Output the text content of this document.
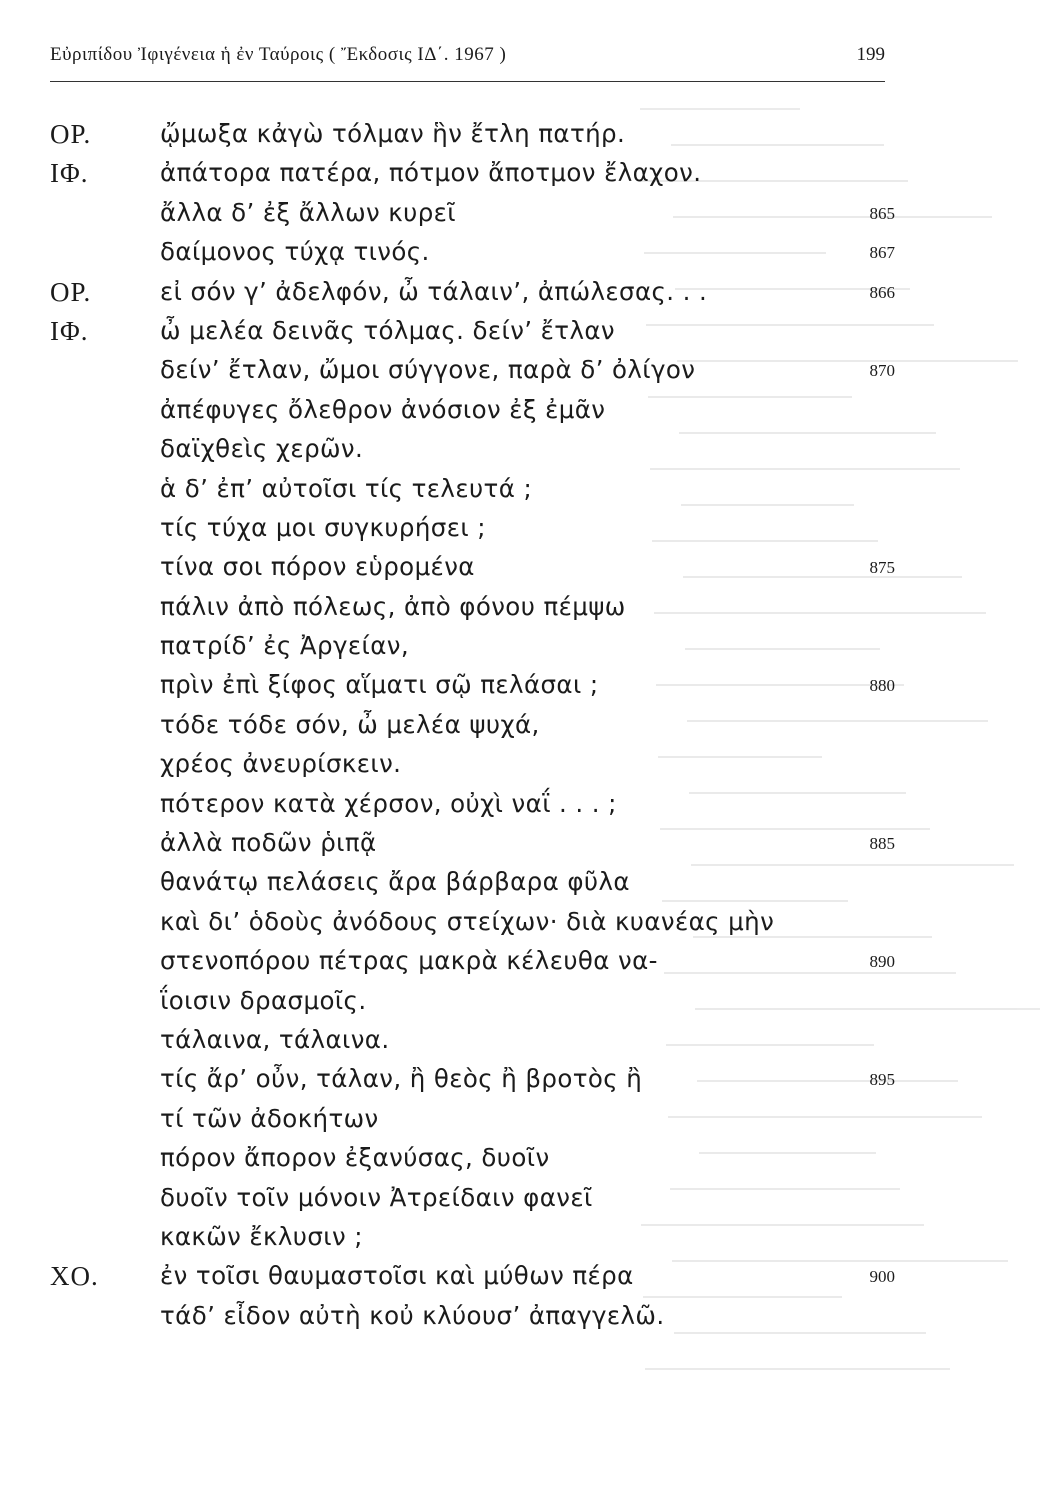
Εὐριπίδου Ἰφιγένεια ἡ ἐν Ταύροις ( Ἔκδοσις ΙΔ΄. 1967 )	199
ΟΡ.	ᾤμωξα κἀγὼ τόλμαν ἣν ἔτλη πατήρ.
ΙΦ.	ἀπάτορα πατέρα, πότμον ἄποτμον ἔλαχον.
ἄλλα δ’ ἐξ ἄλλων κυρεῖ	865
δαίμονος τύχᾳ τινός.	867
ΟΡ.	εἰ σόν γ’ ἀδελφόν, ὦ τάλαιν’, ἀπώλεσας. . .	866
ΙΦ.	ὦ μελέα δεινᾶς τόλμας. δείν’ ἔτλαν
δείν’ ἔτλαν, ὤμοι σύγγονε, παρὰ δ’ ὀλίγον	870
ἀπέφυγες ὄλεθρον ἀνόσιον ἐξ ἐμᾶν
δαϊχθεὶς χερῶν.
ἁ δ’ ἐπ’ αὐτοῖσι τίς τελευτά ;
τίς τύχα μοι συγκυρήσει ;
τίνα σοι πόρον εὑρομένα	875
πάλιν ἀπὸ πόλεως, ἀπὸ φόνου πέμψω
πατρίδ’ ἐς Ἀργείαν,
πρὶν ἐπὶ ξίφος αἵματι σῷ πελάσαι ;	880
τόδε τόδε σόν, ὦ μελέα ψυχά,
χρέος ἀνευρίσκειν.
πότερον κατὰ χέρσον, οὐχὶ ναΐ . . . ;
ἀλλὰ ποδῶν ῥιπᾷ	885
θανάτῳ πελάσεις ἄρα βάρβαρα φῦλα
καὶ δι’ ὁδοὺς ἀνόδους στείχων· διὰ κυανέας μὴν
στενοπόρου πέτρας μακρὰ κέλευθα να-	890
ΐοισιν δρασμοῖς.
τάλαινα, τάλαινα.
τίς ἄρ’ οὖν, τάλαν, ἢ θεὸς ἢ βροτὸς ἢ	895
τί τῶν ἀδοκήτων
πόρον ἄπορον ἐξανύσας, δυοῖν
δυοῖν τοῖν μόνοιν Ἀτρείδαιν φανεῖ
κακῶν ἔκλυσιν ;
ΧΟ.	ἐν τοῖσι θαυμαστοῖσι καὶ μύθων πέρα	900
τάδ’ εἶδον αὐτὴ κοὐ κλύουσ’ ἀπαγγελῶ.
